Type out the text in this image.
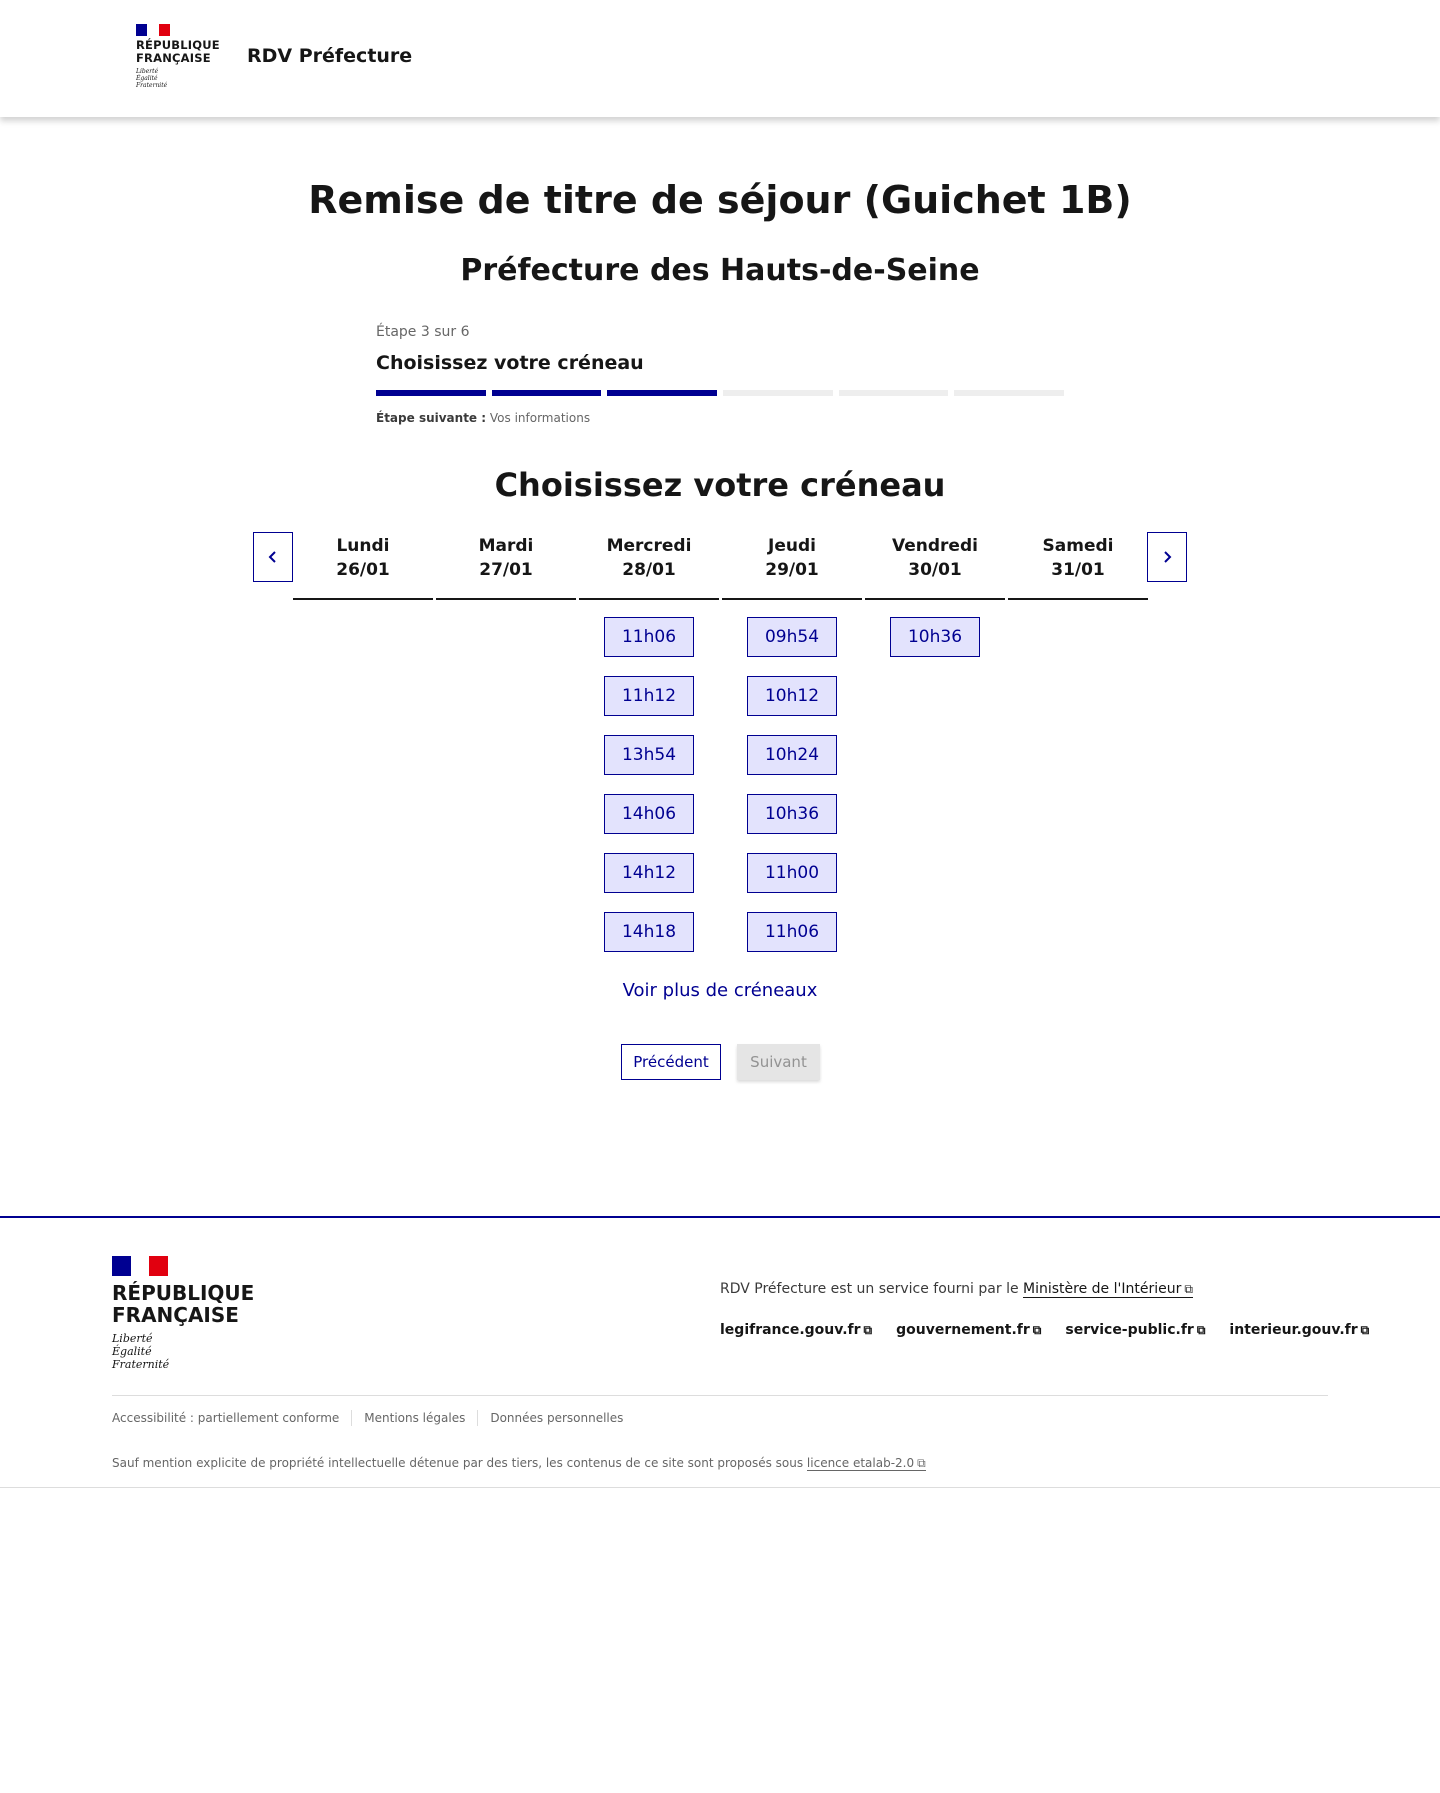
RÉPUBLIQUE
FRANÇAISE
Liberté
Égalité
Fraternité
RDV Préfecture
Remise de titre de séjour (Guichet 1B)
Préfecture des Hauts-de-Seine
Étape 3 sur 6
Choisissez votre créneau
Étape suivante : Vos informations
Choisissez votre créneau
Lundi
26/01
Mardi
27/01
Mercredi
28/01
11h06
11h12
13h54
14h06
14h12
14h18
Jeudi
29/01
09h54
10h12
10h24
10h36
11h00
11h06
Vendredi
30/01
10h36
Samedi
31/01
Voir plus de créneaux
Précédent	Suivant
RÉPUBLIQUE
FRANÇAISE
Liberté
Égalité
Fraternité
RDV Préfecture est un service fourni par le Ministère de l'Intérieur ⧉
legifrance.gouv.fr ⧉ gouvernement.fr ⧉ service-public.fr ⧉ interieur.gouv.fr ⧉
Accessibilité : partiellement conforme Mentions légales Données personnelles
Sauf mention explicite de propriété intellectuelle détenue par des tiers, les contenus de ce site sont proposés sous licence etalab-2.0 ⧉
